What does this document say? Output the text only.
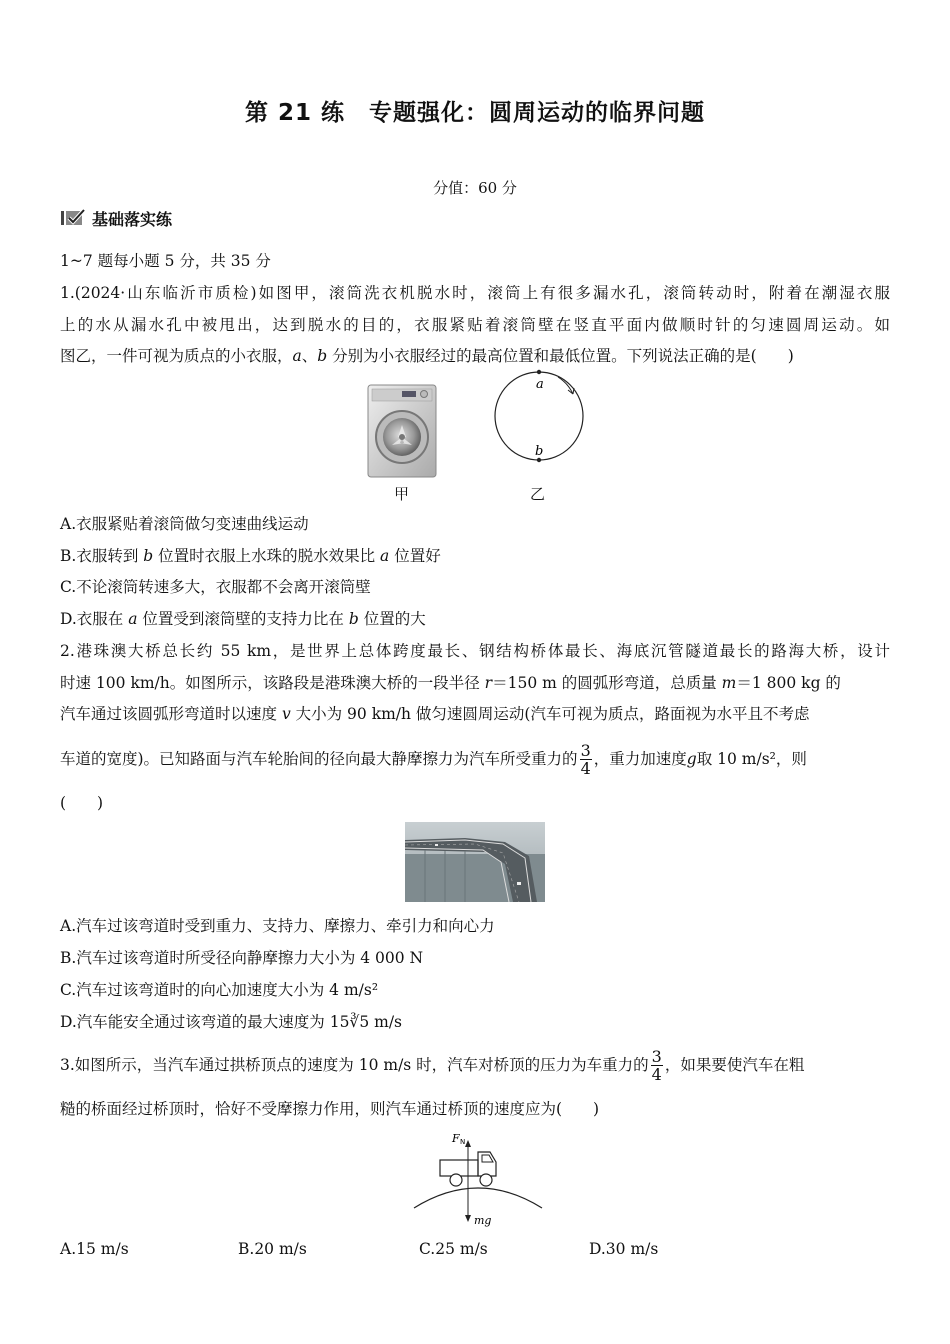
第 21 练　专题强化：圆周运动的临界问题
分值：60 分
基础落实练
1~7 题每小题 5 分，共 35 分
1.(2024·山东临沂市质检)如图甲，滚筒洗衣机脱水时，滚筒上有很多漏水孔，滚筒转动时，附着在潮湿衣服
上的水从漏水孔中被甩出，达到脱水的目的，衣服紧贴着滚筒壁在竖直平面内做顺时针的匀速圆周运动。如
图乙，一件可视为质点的小衣服，a、b 分别为小衣服经过的最高位置和最低位置。下列说法正确的是(　　)
甲
a
b
乙
A.衣服紧贴着滚筒做匀变速曲线运动
B.衣服转到 b 位置时衣服上水珠的脱水效果比 a 位置好
C.不论滚筒转速多大，衣服都不会离开滚筒壁
D.衣服在 a 位置受到滚筒壁的支持力比在 b 位置的大
2.港珠澳大桥总长约 55 km，是世界上总体跨度最长、钢结构桥体最长、海底沉管隧道最长的路海大桥，设计
时速 100 km/h。如图所示，该路段是港珠澳大桥的一段半径 r＝150 m 的圆弧形弯道，总质量 m＝1 800 kg 的
汽车通过该圆弧形弯道时以速度 v 大小为 90 km/h 做匀速圆周运动(汽车可视为质点，路面视为水平且不考虑
车道的宽度)。已知路面与汽车轮胎间的径向最大静摩擦力为汽车所受重力的 $\frac{3}{4}$ ，重力加速度 g 取 10 m/s²，则
(　　)
A.汽车过该弯道时受到重力、支持力、摩擦力、牵引力和向心力
B.汽车过该弯道时所受径向静摩擦力大小为 4 000 N
C.汽车过该弯道时的向心加速度大小为 4 m/s²
D.汽车能安全通过该弯道的最大速度为 15∛5 m/s
3.如图所示，当汽车通过拱桥顶点的速度为 10 m/s 时，汽车对桥顶的压力为车重力的 $\frac{3}{4}$ ，如果要使汽车在粗
糙的桥面经过桥顶时，恰好不受摩擦力作用，则汽车通过桥顶的速度应为(　　)
F N
mg
A.15 m/s	B.20 m/s	C.25 m/s	D.30 m/s
